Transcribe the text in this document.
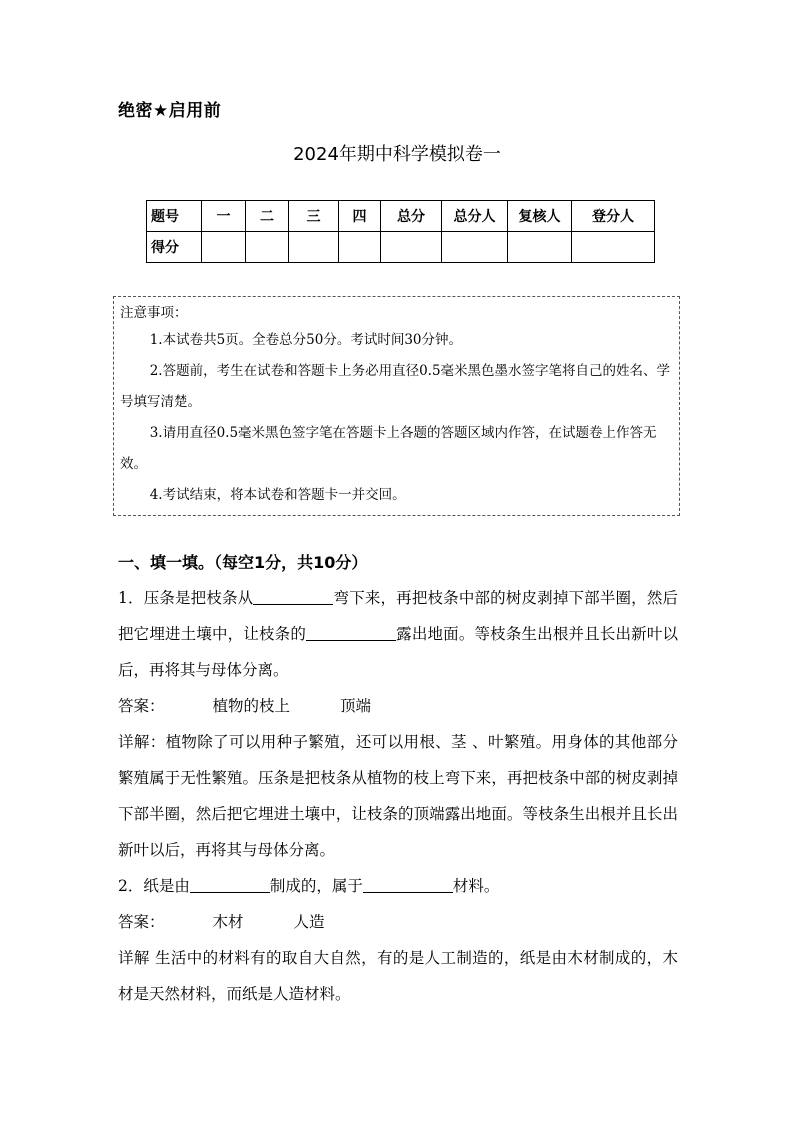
绝密★启用前
2024年期中科学模拟卷一
题号	一	二	三	四	总分	总分人	复核人	登分人
得分								
注意事项：

1.本试卷共5页。全卷总分50分。考试时间30分钟。

2.答题前，考生在试卷和答题卡上务必用直径0.5毫米黑色墨水签字笔将自己的姓名、学号填写清楚。

3.请用直径0.5毫米黑色签字笔在答题卡上各题的答题区域内作答，在试题卷上作答无效。

4.考试结束，将本试卷和答题卡一并交回。

一、填一填。（每空1分，共10分）

1．压条是把枝条从	弯下来，再把枝条中部的树皮剥掉下部半圈，然后把它埋进土壤中，让枝条的	露出地面。等枝条生出根并且长出新叶以后，再将其与母体分离。

答案：	植物的枝上	顶端

详解：植物除了可以用种子繁殖，还可以用根、茎 、叶繁殖。用身体的其他部分繁殖属于无性繁殖。压条是把枝条从植物的枝上弯下来，再把枝条中部的树皮剥掉下部半圈，然后把它埋进土壤中，让枝条的顶端露出地面。等枝条生出根并且长出新叶以后，再将其与母体分离。

2．纸是由	制成的，属于	材料。

答案：	木材	人造

详解 生活中的材料有的取自大自然，有的是人工制造的，纸是由木材制成的，木材是天然材料，而纸是人造材料。
